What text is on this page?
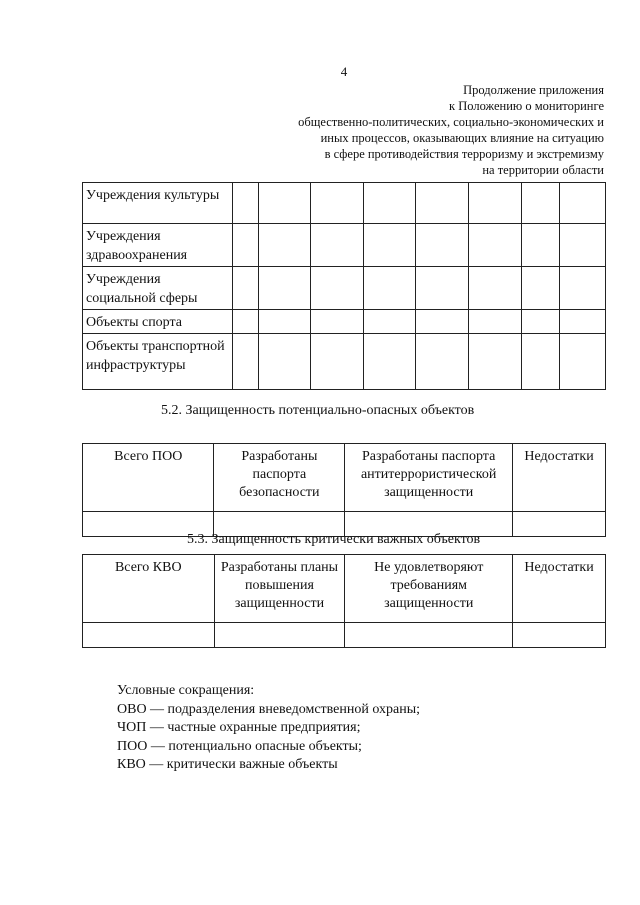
4
Продолжение приложения
к Положению о мониторинге
общественно-политических, социально-экономических и
иных процессов, оказывающих влияние на ситуацию
в сфере противодействия терроризму и экстремизму
на территории области
Учреждения культуры								
Учреждения здравоохранения								
Учреждения социальной сферы								
Объекты спорта								
Объекты транспортной инфраструктуры								
5.2. Защищенность потенциально-опасных объектов
Всего ПОО	Разработаны паспорта безопасности	Разработаны паспорта антитеррористической защищенности	Недостатки

5.3. Защищенность критически важных объектов
Всего КВО	Разработаны планы повышения защищенности	Не удовлетворяют требованиям защищенности	Недостатки

Условные сокращения:
ОВО — подразделения вневедомственной охраны;
ЧОП — частные охранные предприятия;
ПОО — потенциально опасные объекты;
КВО — критически важные объекты
